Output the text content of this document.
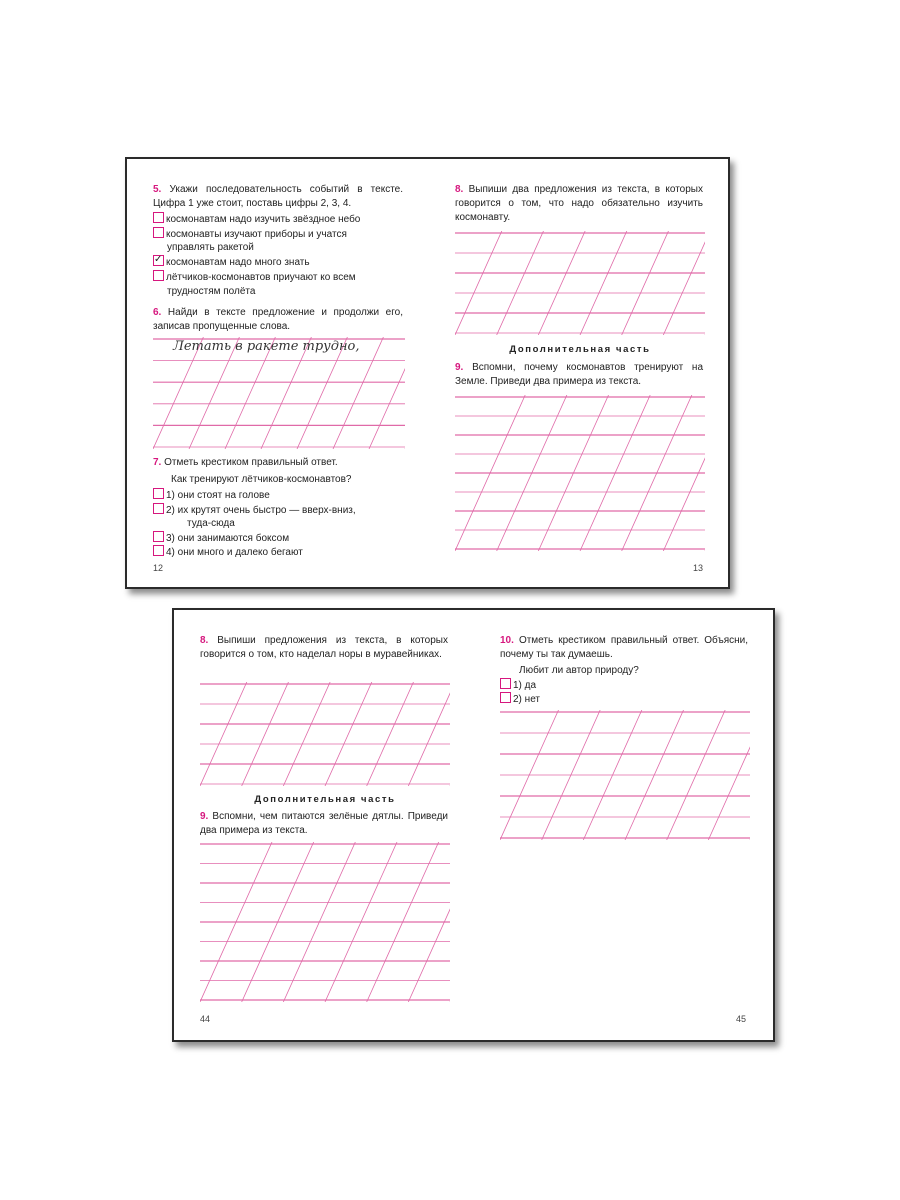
5. Укажи последовательность событий в тексте. Цифра 1 уже стоит, поставь цифры 2, 3, 4.
космонавтам надо изучить звёздное небо
космонавты изучают приборы и учатся
управлять ракетой
✓ космонавтам надо много знать
лётчиков-космонавтов приучают ко всем
трудностям полёта
6. Найди в тексте предложение и продолжи его, записав пропущенные слова.
Летать в ракете трудно,
7. Отметь крестиком правильный ответ.
Как тренируют лётчиков-космонавтов?
1) они стоят на голове
2) их крутят очень быстро — вверх-вниз,
туда-сюда
3) они занимаются боксом
4) они много и далеко бегают
12
8. Выпиши два предложения из текста, в которых говорится о том, что надо обязательно изучить космонавту.
Дополнительная часть
9. Вспомни, почему космонавтов тренируют на Земле. Приведи два примера из текста.
13
8. Выпиши предложения из текста, в которых говорится о том, кто наделал норы в муравейниках.
Дополнительная часть
9. Вспомни, чем питаются зелёные дятлы. Приведи два примера из текста.
44
10. Отметь крестиком правильный ответ. Объясни, почему ты так думаешь.
Любит ли автор природу?
1) да
2) нет
45
